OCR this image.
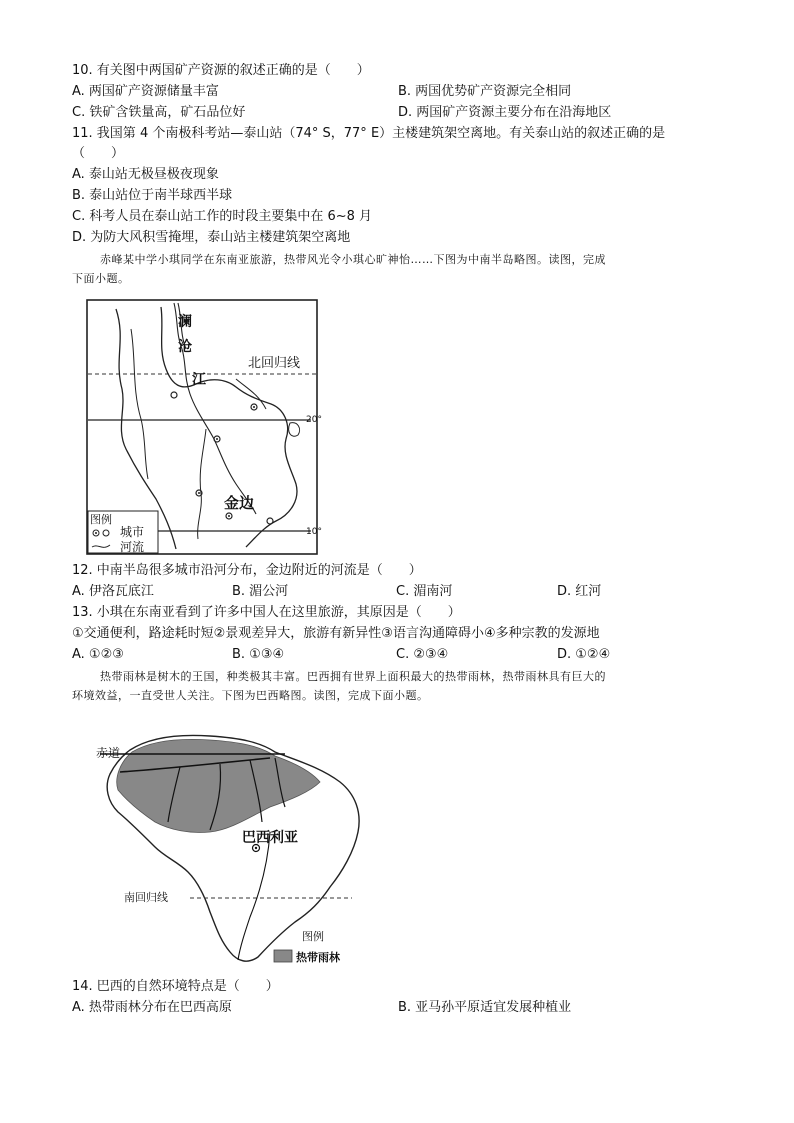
10. 有关图中两国矿产资源的叙述正确的是（　　）
A. 两国矿产资源储量丰富	B. 两国优势矿产资源完全相同
C. 铁矿含铁量高，矿石品位好	D. 两国矿产资源主要分布在沿海地区
11. 我国第 4 个南极科考站—泰山站（74° S，77° E）主楼建筑架空离地。有关泰山站的叙述正确的是
（　　）
A. 泰山站无极昼极夜现象
B. 泰山站位于南半球西半球
C. 科考人员在泰山站工作的时段主要集中在 6~8 月
D. 为防大风积雪掩埋，泰山站主楼建筑架空离地
赤峰某中学小琪同学在东南亚旅游，热带风光令小琪心旷神怡……下图为中南半岛略图。读图，完成
下面小题。
澜
沧
江
北回归线
20°
10°
金边
图例
城市
河流
12. 中南半岛很多城市沿河分布，金边附近的河流是（　　）
A. 伊洛瓦底江	B. 湄公河	C. 湄南河	D. 红河
13. 小琪在东南亚看到了许多中国人在这里旅游，其原因是（　　）
①交通便利，路途耗时短②景观差异大，旅游有新异性③语言沟通障碍小④多种宗教的发源地
A. ①②③	B. ①③④	C. ②③④	D. ①②④
热带雨林是树木的王国，种类极其丰富。巴西拥有世界上面积最大的热带雨林，热带雨林具有巨大的
环境效益，一直受世人关注。下图为巴西略图。读图，完成下面小题。
赤道
巴西利亚
南回归线
图例
热带雨林
14. 巴西的自然环境特点是（　　）
A. 热带雨林分布在巴西高原	B. 亚马孙平原适宜发展种植业
